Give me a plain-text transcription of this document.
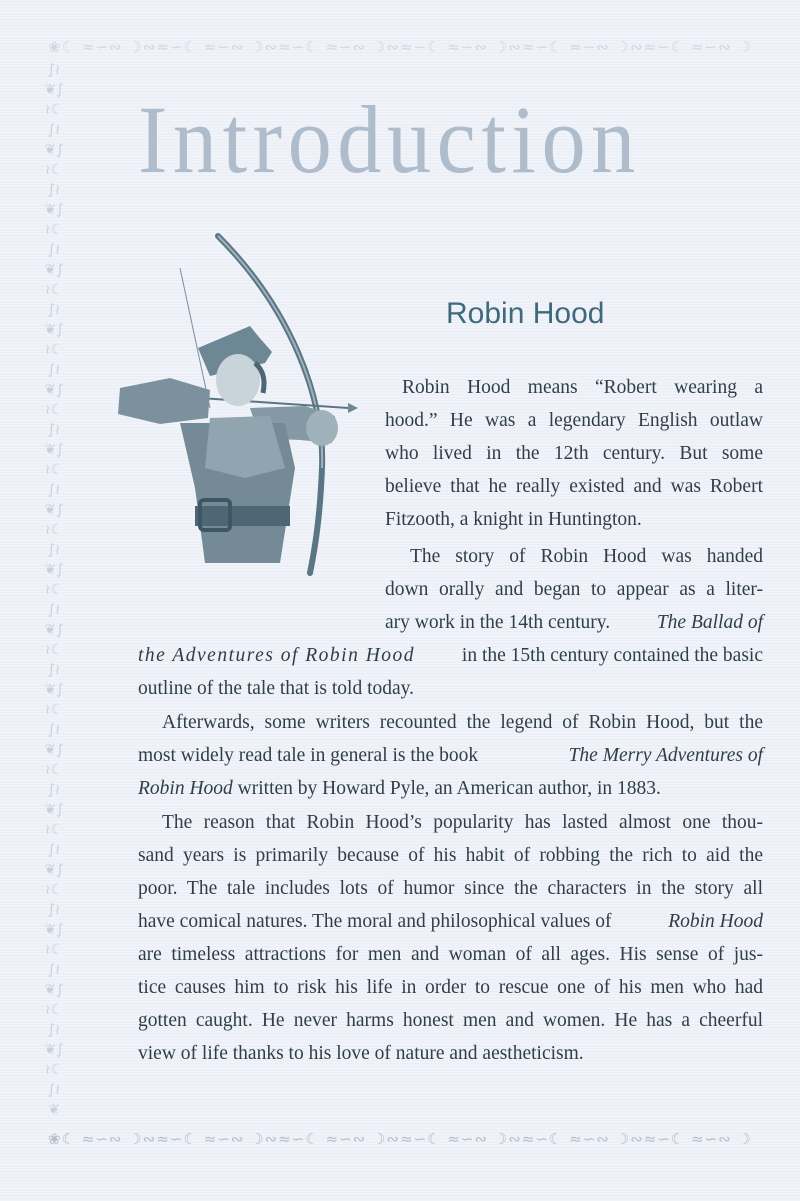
❀☾ ≈∽∾ ☽∾≈∽☾ ≈∽∾ ☽∾≈∽☾ ≈∽∾ ☽∾≈∽☾ ≈∽∾ ☽∾≈∽☾ ≈∽∾ ☽∾≈∽☾ ≈∽∾ ☽
∫≀❦∫≀☾∫≀❦∫≀☾∫≀❦∫≀☾∫≀❦∫≀☾∫≀❦∫≀☾∫≀❦∫≀☾∫≀❦∫≀☾∫≀❦∫≀☾∫≀❦∫≀☾∫≀❦∫≀☾∫≀❦∫≀☾∫≀❦∫≀☾∫≀❦∫≀☾∫≀❦∫≀☾∫≀❦∫≀☾∫≀❦∫≀☾∫≀❦∫≀☾∫≀❦
❀☾ ≈∽∾ ☽∾≈∽☾ ≈∽∾ ☽∾≈∽☾ ≈∽∾ ☽∾≈∽☾ ≈∽∾ ☽∾≈∽☾ ≈∽∾ ☽∾≈∽☾ ≈∽∾ ☽
Introduction
Robin Hood
Robin Hood means “Robert wearing a
hood.” He was a legendary English outlaw
who lived in the 12th century. But some
believe that he really existed and was Robert
Fitzooth, a knight in Huntington.
The story of Robin Hood was handed
down orally and began to appear as a liter-
ary work in the 14th century. The Ballad of
the Adventures of Robin Hood in the 15th century contained the basic
outline of the tale that is told today.
Afterwards, some writers recounted the legend of Robin Hood, but the
most widely read tale in general is the book	The Merry Adventures of
Robin Hood written by Howard Pyle, an American author, in 1883.
The reason that Robin Hood’s popularity has lasted almost one thou-
sand years is primarily because of his habit of robbing the rich to aid the
poor. The tale includes lots of humor since the characters in the story all
have comical natures. The moral and philosophical values of	Robin Hood
are timeless attractions for men and woman of all ages. His sense of jus-
tice causes him to risk his life in order to rescue one of his men who had
gotten caught. He never harms honest men and women. He has a cheerful
view of life thanks to his love of nature and aestheticism.
